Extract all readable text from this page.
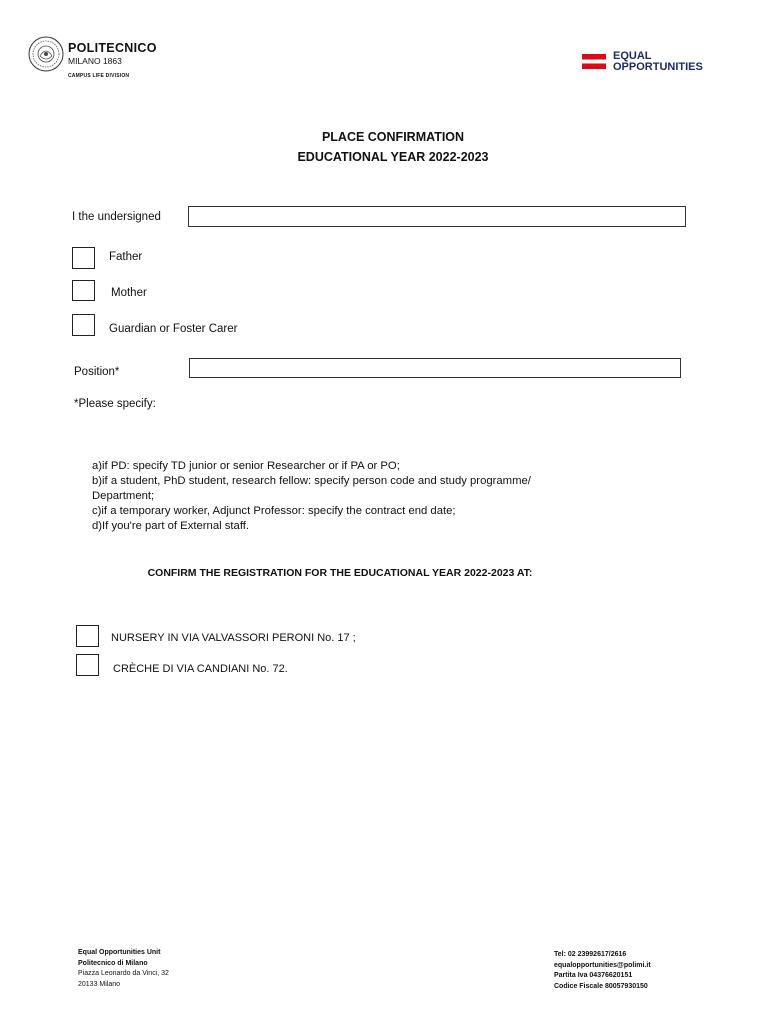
POLITECNICO
MILANO 1863
CAMPUS LIFE DIVISION
EQUAL
OPPORTUNITIES
PLACE CONFIRMATION
EDUCATIONAL YEAR 2022-2023
I the undersigned
Father
Mother
Guardian or Foster Carer
Position*
*Please specify:
a)if PD: specify TD junior or senior Researcher or if PA or PO;
b)if a student, PhD student, research fellow: specify person code and study programme/
Department;
c)if a temporary worker, Adjunct Professor: specify the contract end date;
d)If you're part of External staff.
CONFIRM THE REGISTRATION FOR THE EDUCATIONAL YEAR 2022-2023 AT:
NURSERY IN VIA VALVASSORI PERONI No. 17 ;
CRÈCHE DI VIA CANDIANI No. 72.
Equal Opportunities Unit
Politecnico di Milano
Piazza Leonardo da Vinci, 32
20133 Milano
Tel: 02 23992617/2616
equalopportunities@polimi.it
Partita Iva 04376620151
Codice Fiscale 80057930150
